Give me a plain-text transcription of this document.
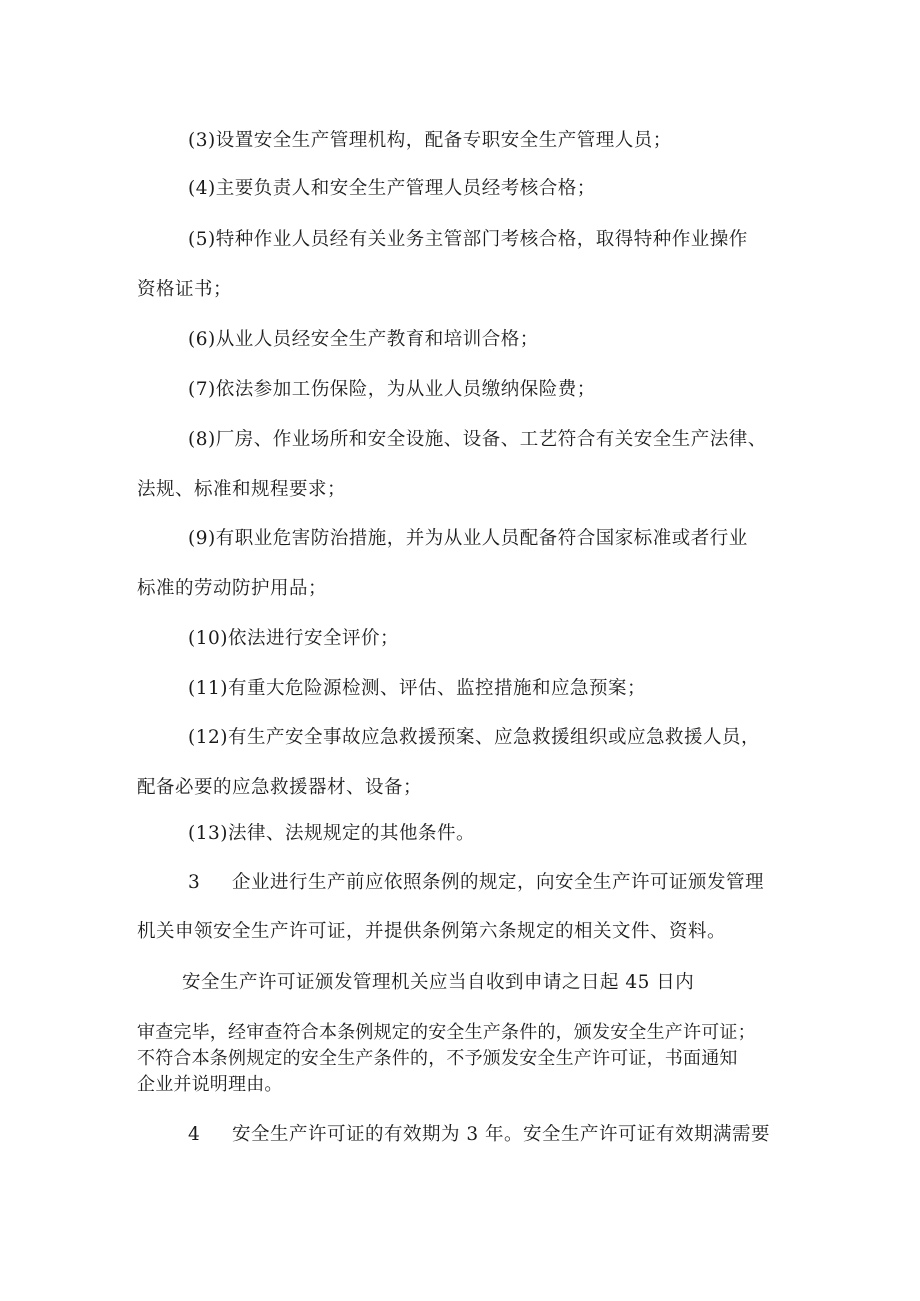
(3)设置安全生产管理机构，配备专职安全生产管理人员；
(4)主要负责人和安全生产管理人员经考核合格；
(5)特种作业人员经有关业务主管部门考核合格，取得特种作业操作
资格证书；
(6)从业人员经安全生产教育和培训合格；
(7)依法参加工伤保险，为从业人员缴纳保险费；
(8)厂房、作业场所和安全设施、设备、工艺符合有关安全生产法律、
法规、标准和规程要求；
(9)有职业危害防治措施，并为从业人员配备符合国家标准或者行业
标准的劳动防护用品；
(10)依法进行安全评价；
(11)有重大危险源检测、评估、监控措施和应急预案；
(12)有生产安全事故应急救援预案、应急救援组织或应急救援人员，
配备必要的应急救援器材、设备；
(13)法律、法规规定的其他条件。
3 企业进行生产前应依照条例的规定，向安全生产许可证颁发管理
机关申领安全生产许可证，并提供条例第六条规定的相关文件、资料。
安全生产许可证颁发管理机关应当自收到申请之日起 45 日内
审查完毕，经审查符合本条例规定的安全生产条件的，颁发安全生产许可证；
不符合本条例规定的安全生产条件的，不予颁发安全生产许可证，书面通知
企业并说明理由。
4 安全生产许可证的有效期为 3 年。安全生产许可证有效期满需要
